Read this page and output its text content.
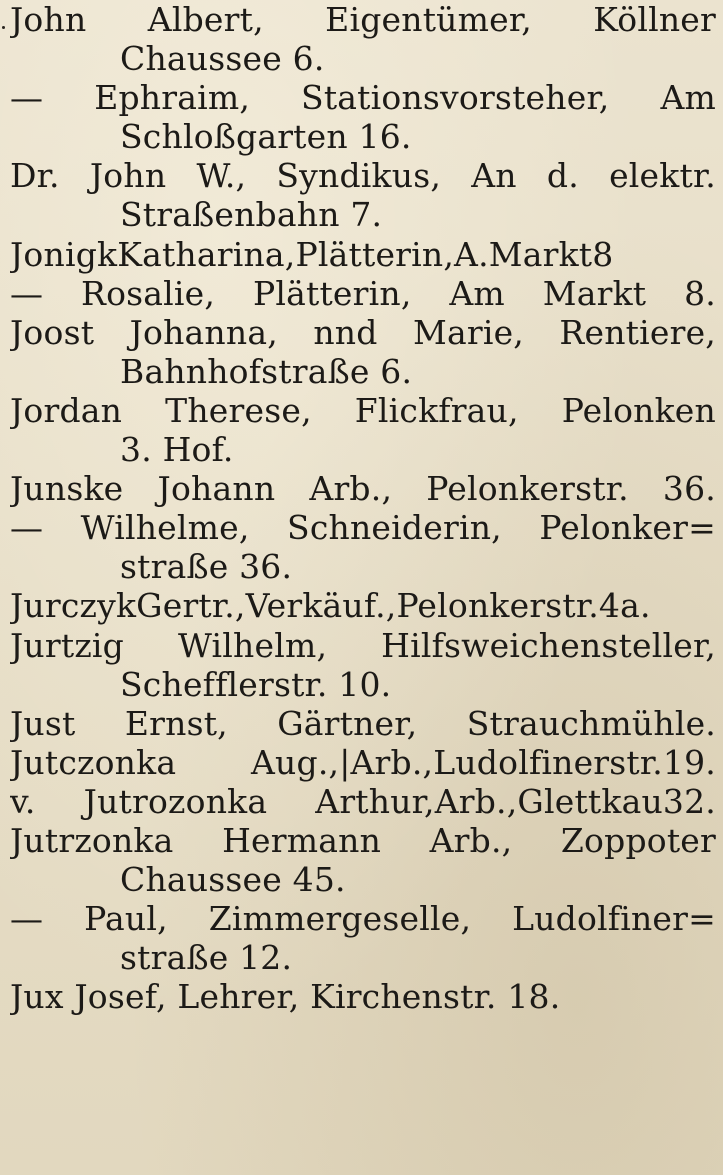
John Albert, Eigentümer, Köllner
Chaussee 6.
— Ephraim, Stationsvorsteher, Am
Schloßgarten 16.
Dr. John W., Syndikus, An d. elektr.
Straßenbahn 7.
JonigkKatharina,Plätterin,A.Markt8
— Rosalie, Plätterin, Am Markt 8.
Joost Johanna, nnd Marie, Rentiere,
Bahnhofstraße 6.
Jordan Therese, Flickfrau, Pelonken
3. Hof.
Junske Johann Arb., Pelonkerstr. 36.
— Wilhelme, Schneiderin, Pelonker=
straße 36.
JurczykGertr.,Verkäuf.,Pelonkerstr.4a.
Jurtzig Wilhelm, Hilfsweichensteller,
Schefflerstr. 10.
Just Ernst, Gärtner, Strauchmühle.
Jutczonka Aug.,|Arb.,Ludolfinerstr.19.
v. Jutrozonka Arthur,Arb.,Glettkau32.
Jutrzonka Hermann Arb., Zoppoter
Chaussee 45.
— Paul, Zimmergeselle, Ludolfiner=
straße 12.
Jux Josef, Lehrer, Kirchenstr. 18.
